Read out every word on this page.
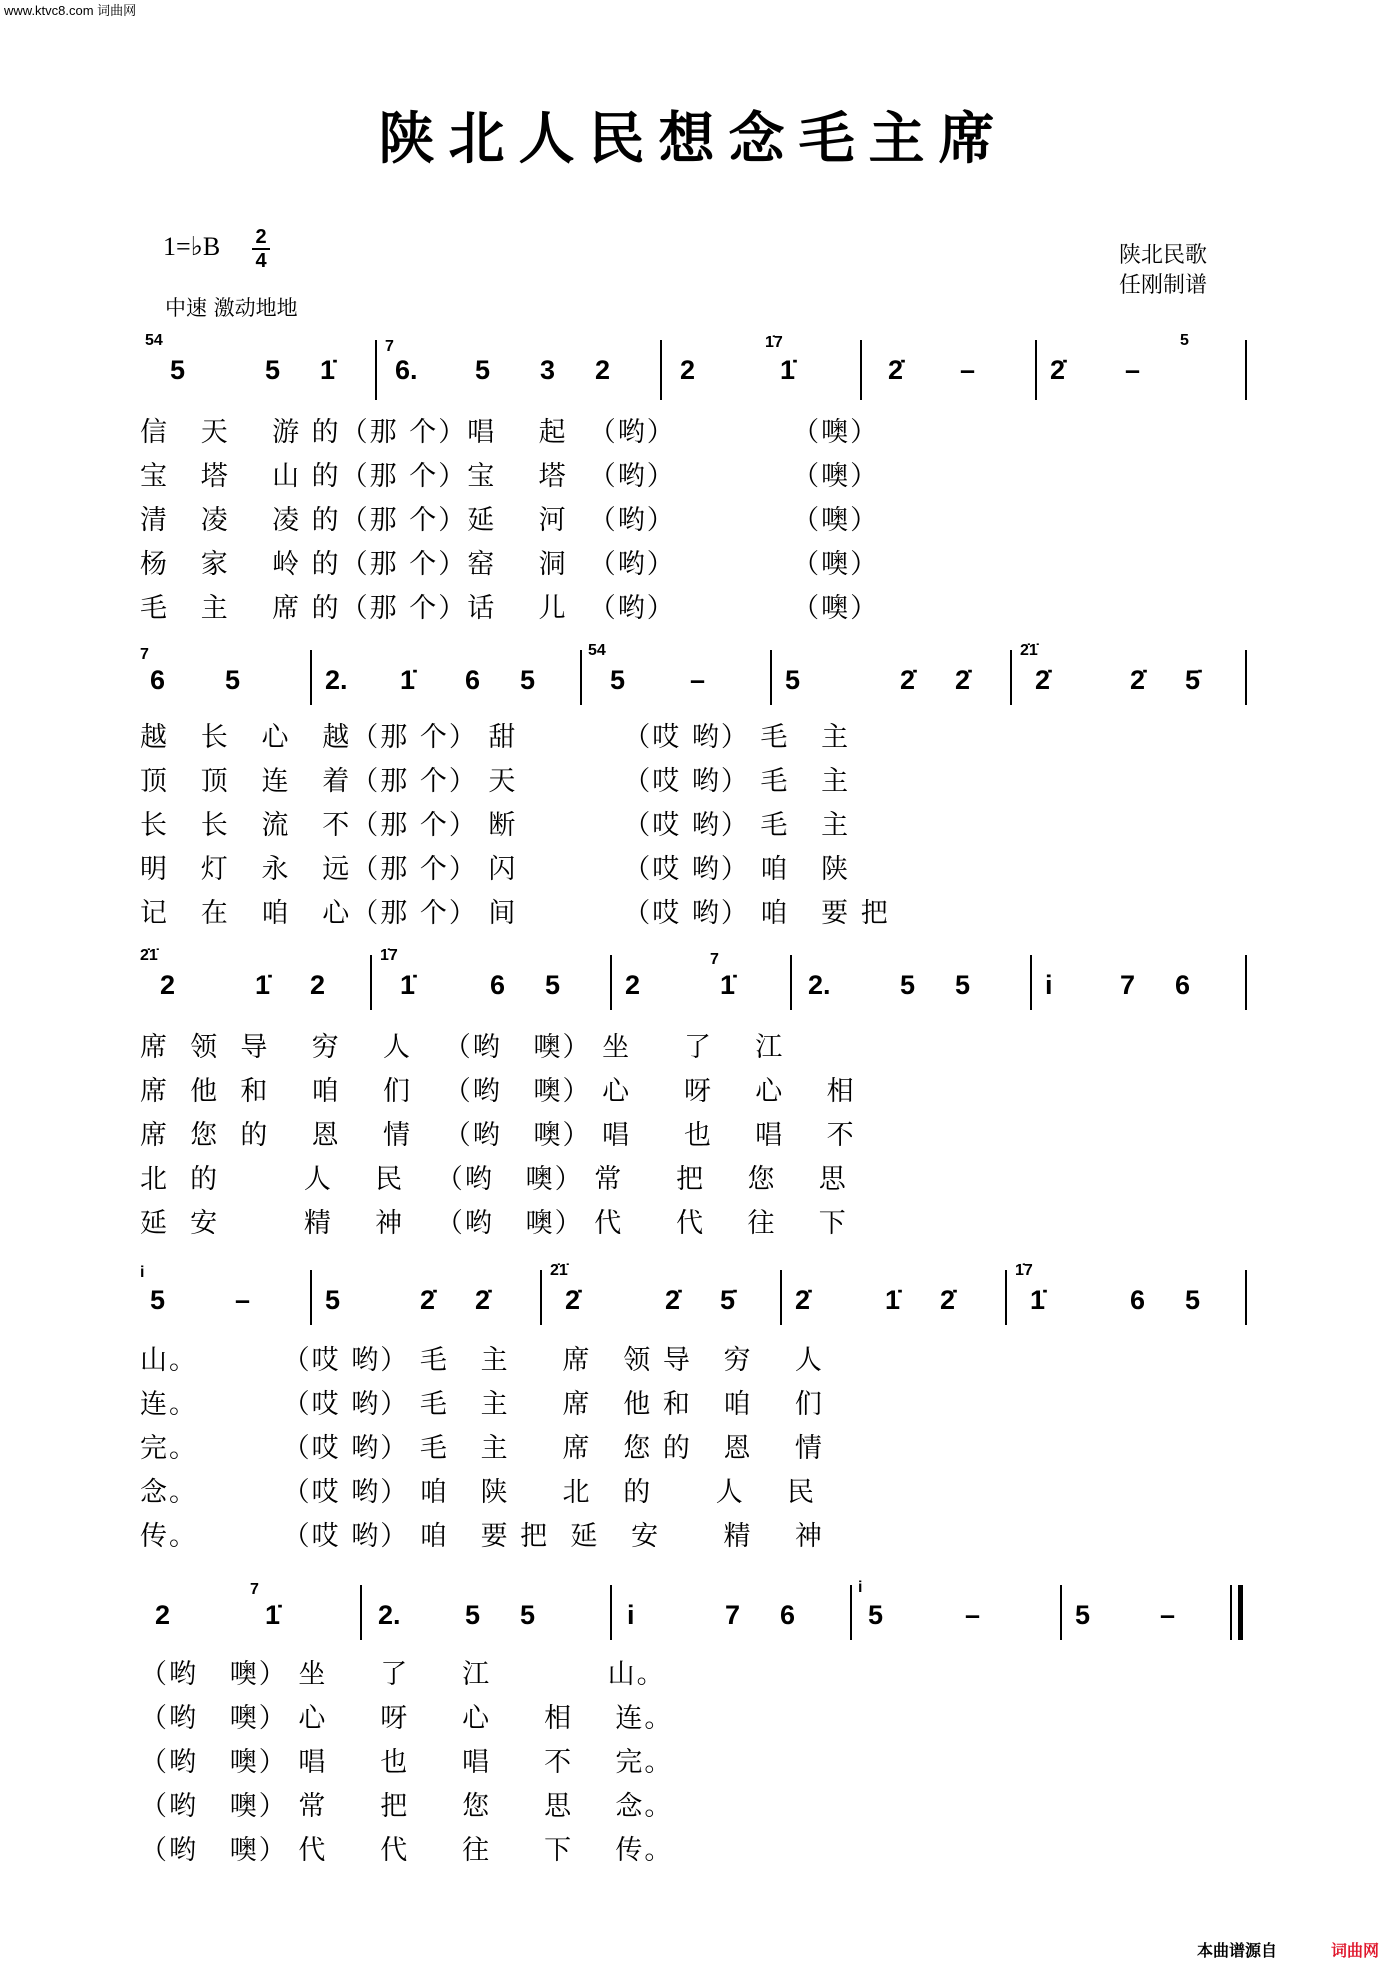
www.ktvc8.com 词曲网
陕北人民想念毛主席
1=♭B 2
4
中速 激动地地
陕北民歌
任刚制谱
54
5	5 1̇
7
6. 5 3 2	2
1̇7
1̇	2̇ –	2̇ –
5
信   天    游 的（那 个）唱    起  （哟）           （噢）
宝   塔    山 的（那 个）宝    塔  （哟）           （噢）
清   凌    凌 的（那 个）延    河  （哟）           （噢）
杨   家    岭 的（那 个）窑    洞  （哟）           （噢）
毛   主    席 的（那 个）话    儿  （哟）           （噢）
7
6 5	2. 1̇ 6 5
54
5 –	5	2̇ 2̇
2̇1̇
2̇	2̇ 5̇
越   长   心   越（那 个） 甜          （哎 哟） 毛   主
顶   顶   连   着（那 个） 天          （哎 哟） 毛   主
长   长   流   不（那 个） 断          （哎 哟） 毛   主
明   灯   永   远（那 个） 闪          （哎 哟） 咱   陕
记   在   咱   心（那 个） 间          （哎 哟） 咱   要 把
2̇1̇
2	1̇ 2
1̇7
1̇	6 5 2
7
1̇	2.	5 5	i 7 6
席  领  导    穷    人   （哟   噢） 坐     了    江
席  他  和    咱    们   （哟   噢） 心     呀    心    相
席  您  的    恩    情   （哟   噢） 唱     也    唱    不
北  的        人    民   （哟   噢） 常     把    您    思
延  安        精    神   （哟   噢） 代     代    往    下
i
5	–	5	2̇ 2̇
2̇1̇
2̇	2̇ 5̇ 2̇	1̇ 2̇
1̇7
1̇	6 5
山。        （哎 哟） 毛   主     席   领 导   穷    人
连。        （哎 哟） 毛   主     席   他 和   咱    们
完。        （哎 哟） 毛   主     席   您 的   恩    情
念。        （哎 哟） 咱   陕     北   的      人    民
传。        （哎 哟） 咱   要 把  延   安      精    神
2
7
1̇	2. 5 5	i	7 6
i
5	–	5	–
（哟   噢） 坐     了     江           山。
（哟   噢） 心     呀     心     相    连。
（哟   噢） 唱     也     唱     不    完。
（哟   噢） 常     把     您     思    念。
（哟   噢） 代     代     往     下    传。
本曲谱源自	词曲网
